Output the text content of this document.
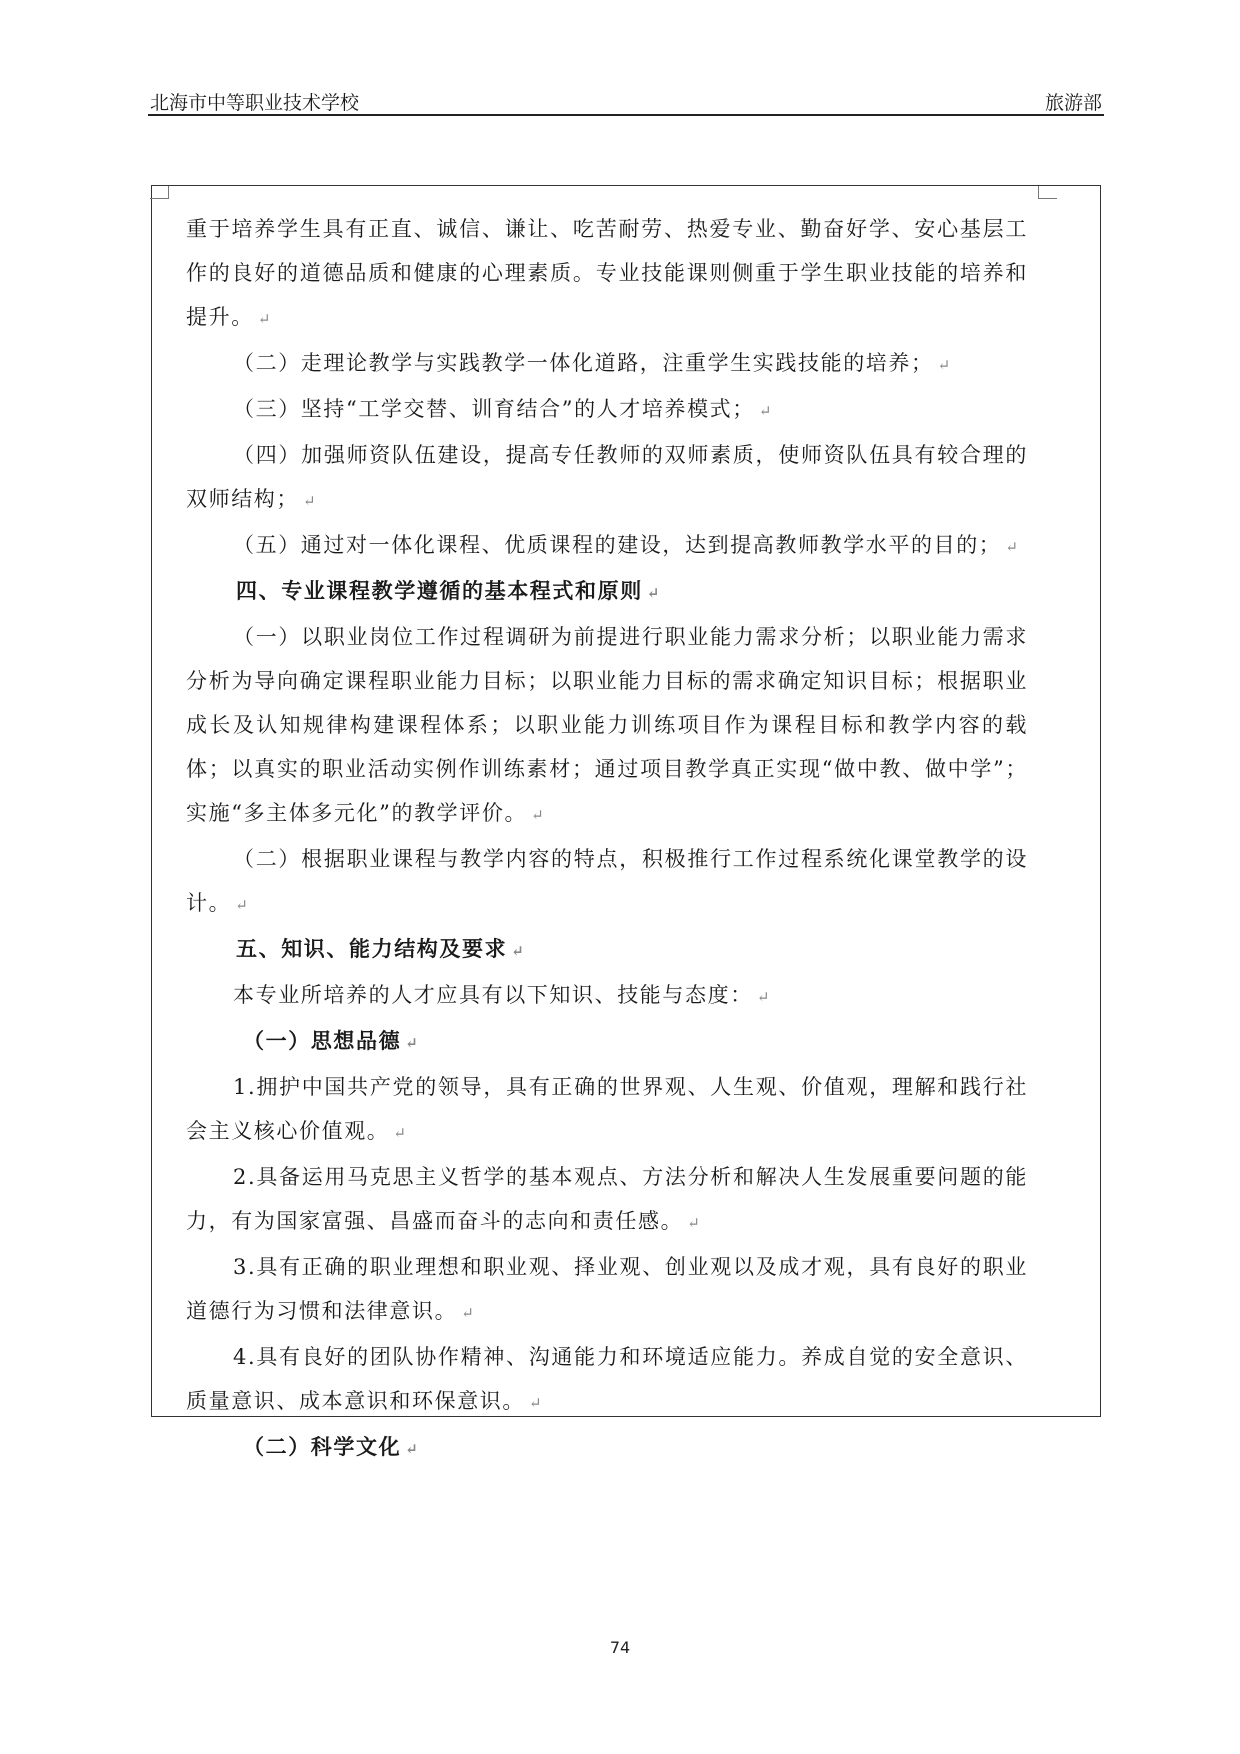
北海市中等职业技术学校	旅游部

重于培养学生具有正直、诚信、谦让、吃苦耐劳、热爱专业、勤奋好学、安心基层工作的良好的道德品质和健康的心理素质。专业技能课则侧重于学生职业技能的培养和提升。 ↵

（二）走理论教学与实践教学一体化道路，注重学生实践技能的培养； ↵

（三）坚持“工学交替、训育结合”的人才培养模式； ↵

（四）加强师资队伍建设，提高专任教师的双师素质，使师资队伍具有较合理的双师结构； ↵

（五）通过对一体化课程、优质课程的建设，达到提高教师教学水平的目的； ↵

四、专业课程教学遵循的基本程式和原则 ↵

（一）以职业岗位工作过程调研为前提进行职业能力需求分析；以职业能力需求分析为导向确定课程职业能力目标；以职业能力目标的需求确定知识目标；根据职业成长及认知规律构建课程体系；以职业能力训练项目作为课程目标和教学内容的载体；以真实的职业活动实例作训练素材；通过项目教学真正实现“做中教、做中学”；实施“多主体多元化”的教学评价。 ↵

（二）根据职业课程与教学内容的特点，积极推行工作过程系统化课堂教学的设计。 ↵

五、知识、能力结构及要求 ↵

本专业所培养的人才应具有以下知识、技能与态度： ↵

（一）思想品德 ↵

1.拥护中国共产党的领导，具有正确的世界观、人生观、价值观，理解和践行社会主义核心价值观。 ↵

2.具备运用马克思主义哲学的基本观点、方法分析和解决人生发展重要问题的能力，有为国家富强、昌盛而奋斗的志向和责任感。 ↵

3.具有正确的职业理想和职业观、择业观、创业观以及成才观，具有良好的职业道德行为习惯和法律意识。 ↵

4.具有良好的团队协作精神、沟通能力和环境适应能力。养成自觉的安全意识、质量意识、成本意识和环保意识。 ↵

（二）科学文化 ↵

74
